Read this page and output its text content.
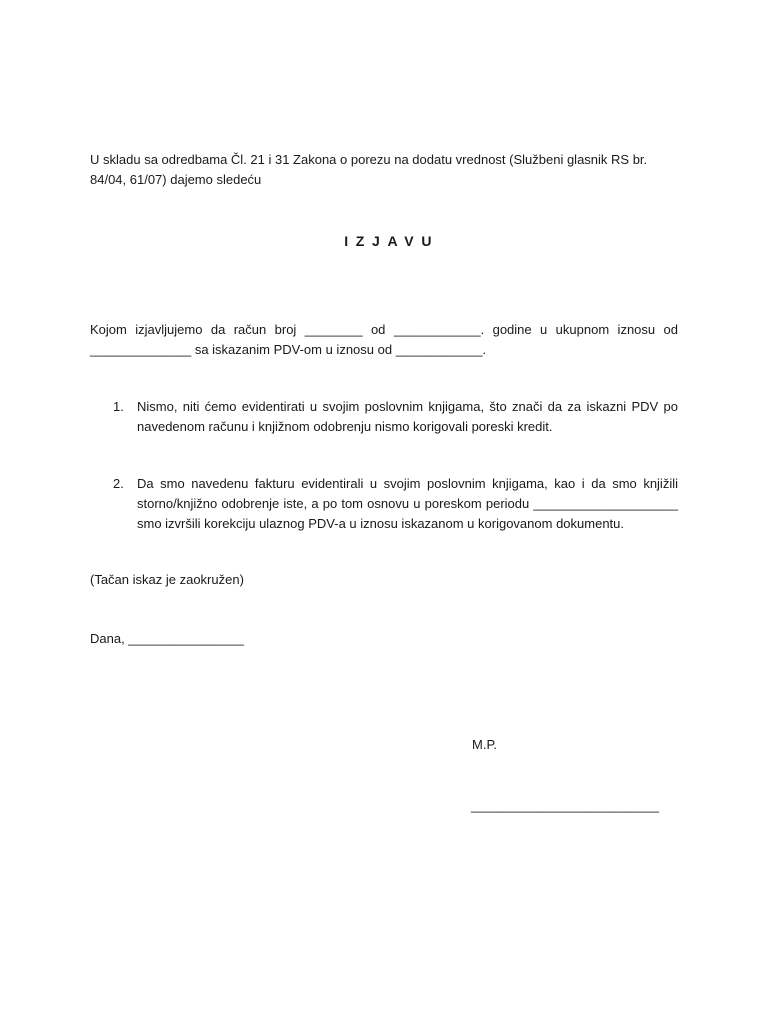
U skladu sa odredbama Čl. 21 i 31 Zakona o porezu na dodatu vrednost (Službeni glasnik RS br. 84/04, 61/07) dajemo sledeću
IZJAVU
Kojom izjavljujemo da račun broj ________ od ____________. godine u ukupnom iznosu od ______________ sa iskazanim PDV-om u iznosu od ____________.
1. Nismo, niti ćemo evidentirati u svojim poslovnim knjigama, što znači da za iskazni PDV po navedenom računu i knjižnom odobrenju nismo korigovali poreski kredit.
2. Da smo navedenu fakturu evidentirali u svojim poslovnim knjigama, kao i da smo knjižili storno/knjižno odobrenje iste, a po tom osnovu u poreskom periodu ____________________ smo izvršili korekciju ulaznog PDV-a u iznosu iskazanom u korigovanom dokumentu.
(Tačan iskaz je zaokružen)
Dana, ________________
M.P.
__________________________
